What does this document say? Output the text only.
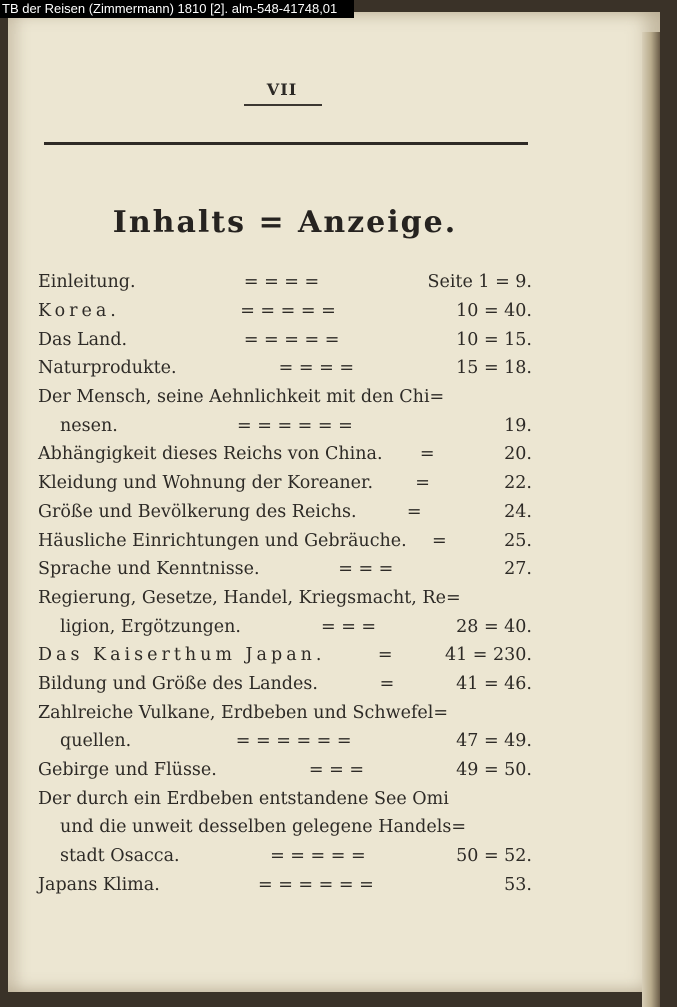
TB der Reisen (Zimmermann) 1810 [2]. alm-548-41748,01
VII
Inhalts = Anzeige.
Einleitung.	= = = =	Seite 1 = 9.
Korea.	= = = = =	10 = 40.
Das Land.	= = = = =	10 = 15.
Naturprodukte.	= = = =	15 = 18.
Der Mensch, seine Aehnlichkeit mit den Chi=
nesen.	= = = = = =	19.
Abhängigkeit dieses Reichs von China.	=	20.
Kleidung und Wohnung der Koreaner.	=	22.
Größe und Bevölkerung des Reichs.	=	24.
Häusliche Einrichtungen und Gebräuche.	=	25.
Sprache und Kenntnisse.	= = =	27.
Regierung, Gesetze, Handel, Kriegsmacht, Re=
ligion, Ergötzungen.	= = =	28 = 40.
Das Kaiserthum Japan.	=	41 = 230.
Bildung und Größe des Landes.	=	41 = 46.
Zahlreiche Vulkane, Erdbeben und Schwefel=
quellen.	= = = = = =	47 = 49.
Gebirge und Flüsse.	= = =	49 = 50.
Der durch ein Erdbeben entstandene See Omi
und die unweit desselben gelegene Handels=
stadt Osacca.	= = = = =	50 = 52.
Japans Klima.	= = = = = =	53.
